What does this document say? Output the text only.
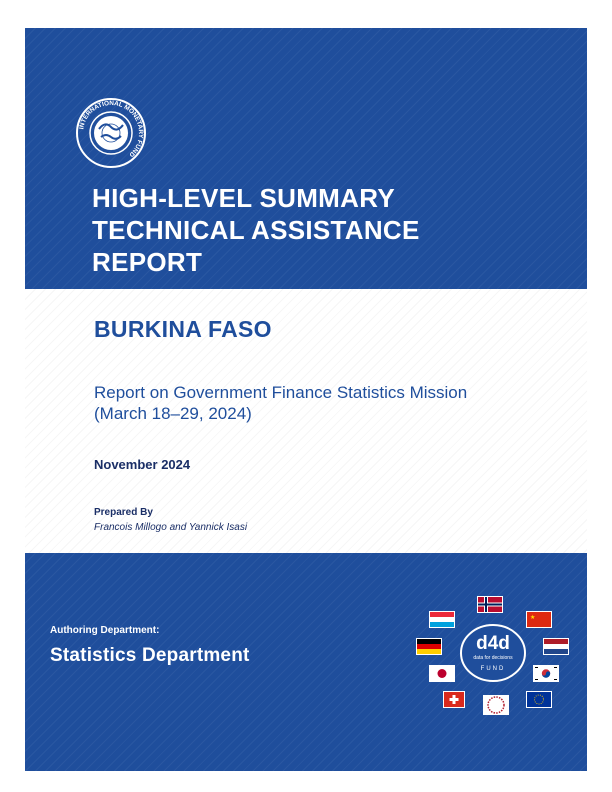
INTERNATIONAL MONETARY FUND
HIGH-LEVEL SUMMARY
TECHNICAL ASSISTANCE
REPORT
BURKINA FASO
Report on Government Finance Statistics Mission
(March 18–29, 2024)
November 2024
Prepared By
Francois Millogo and Yannick Isasi
Authoring Department:
Statistics Department
★
d4d
data for decisions
FUND
